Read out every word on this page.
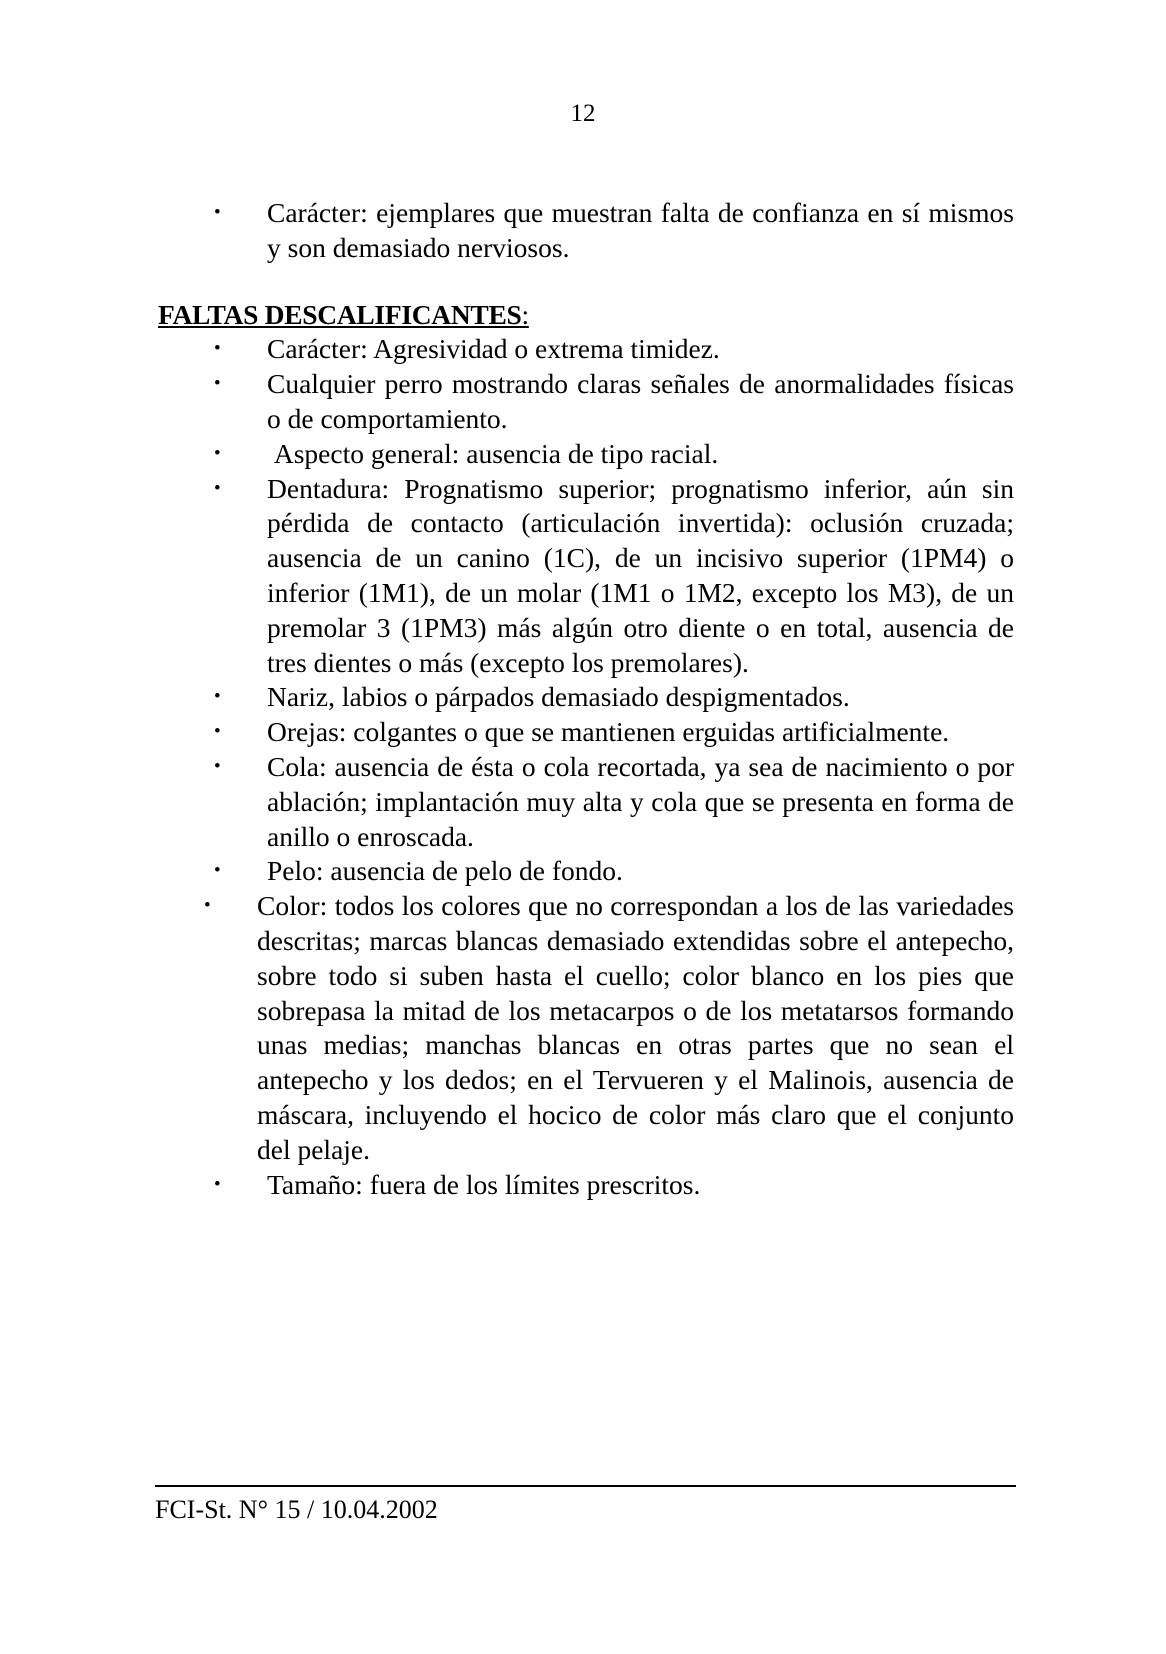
12
• Carácter: ejemplares que muestran falta de confianza en sí mismos y son demasiado nerviosos.
FALTAS DESCALIFICANTES:
• Carácter: Agresividad o extrema timidez.
• Cualquier perro mostrando claras señales de anormalidades físicas o de comportamiento.
• Aspecto general: ausencia de tipo racial.
• Dentadura: Prognatismo superior; prognatismo inferior, aún sin pérdida de contacto (articulación invertida): oclusión cruzada; ausencia de un canino (1C), de un incisivo superior (1PM4) o inferior (1M1), de un molar (1M1 o 1M2, excepto los M3), de un premolar 3 (1PM3) más algún otro diente o en total, ausencia de tres dientes o más (excepto los premolares).
• Nariz, labios o párpados demasiado despigmentados.
• Orejas: colgantes o que se mantienen erguidas artificialmente.
• Cola: ausencia de ésta o cola recortada, ya sea de nacimiento o por ablación; implantación muy alta y cola que se presenta en forma de anillo o enroscada.
• Pelo: ausencia de pelo de fondo.
• Color: todos los colores que no correspondan a los de las variedades descritas; marcas blancas demasiado extendidas sobre el antepecho, sobre todo si suben hasta el cuello; color blanco en los pies que sobrepasa la mitad de los metacarpos o de los metatarsos formando unas medias; manchas blancas en otras partes que no sean el antepecho y los dedos; en el Tervueren y el Malinois, ausencia de máscara, incluyendo el hocico de color más claro que el conjunto del pelaje.
• Tamaño: fuera de los límites prescritos.
FCI-St. N° 15 / 10.04.2002
